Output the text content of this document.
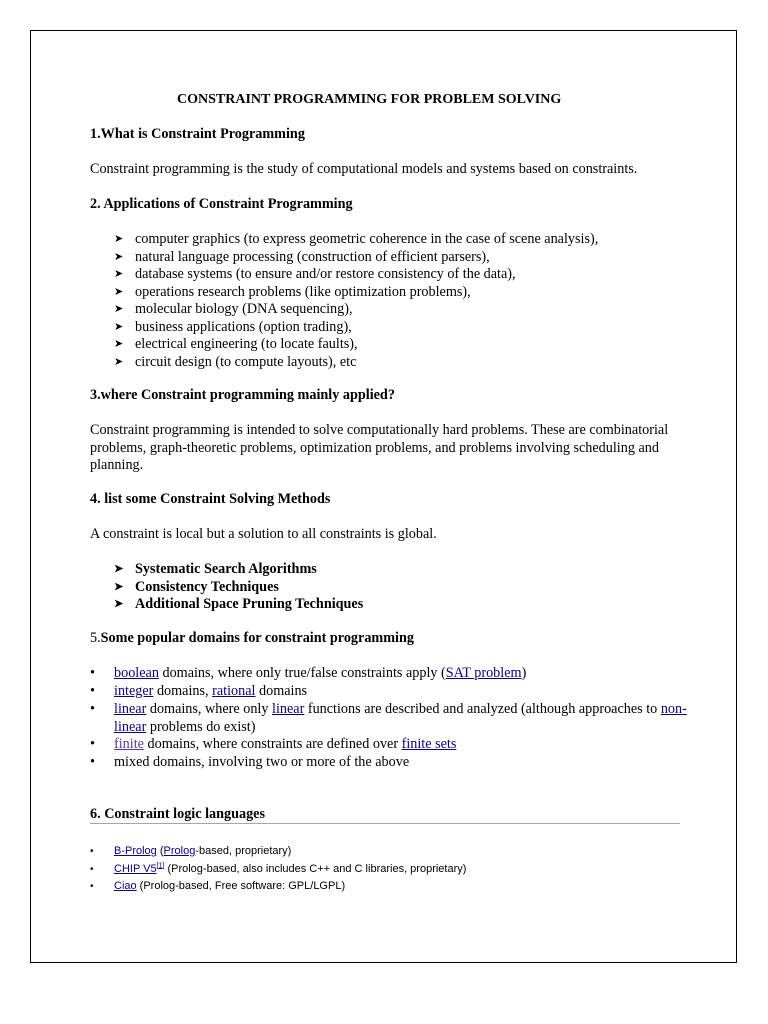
CONSTRAINT PROGRAMMING FOR PROBLEM SOLVING
1.What is Constraint Programming
Constraint programming is the study of computational models and systems based on constraints.
2. Applications of Constraint Programming
➤ computer graphics (to express geometric coherence in the case of scene analysis),
➤ natural language processing (construction of efficient parsers),
➤ database systems (to ensure and/or restore consistency of the data),
➤ operations research problems (like optimization problems),
➤ molecular biology (DNA sequencing),
➤ business applications (option trading),
➤ electrical engineering (to locate faults),
➤ circuit design (to compute layouts), etc
3.where Constraint programming mainly applied?
Constraint programming is intended to solve computationally hard problems. These are combinatorial problems, graph-theoretic problems, optimization problems, and problems involving scheduling and planning.
4. list some Constraint Solving Methods
A constraint is local but a solution to all constraints is global.
➤ Systematic Search Algorithms
➤ Consistency Techniques
➤ Additional Space Pruning Techniques
5.Some popular domains for constraint programming
• boolean domains, where only true/false constraints apply (SAT problem)
• integer domains, rational domains
• linear domains, where only linear functions are described and analyzed (although approaches to non-linear problems do exist)
• finite domains, where constraints are defined over finite sets
• mixed domains, involving two or more of the above
6. Constraint logic languages
• B-Prolog (Prolog-based, proprietary)
• CHIP V5[1] (Prolog-based, also includes C++ and C libraries, proprietary)
• Ciao (Prolog-based, Free software: GPL/LGPL)
